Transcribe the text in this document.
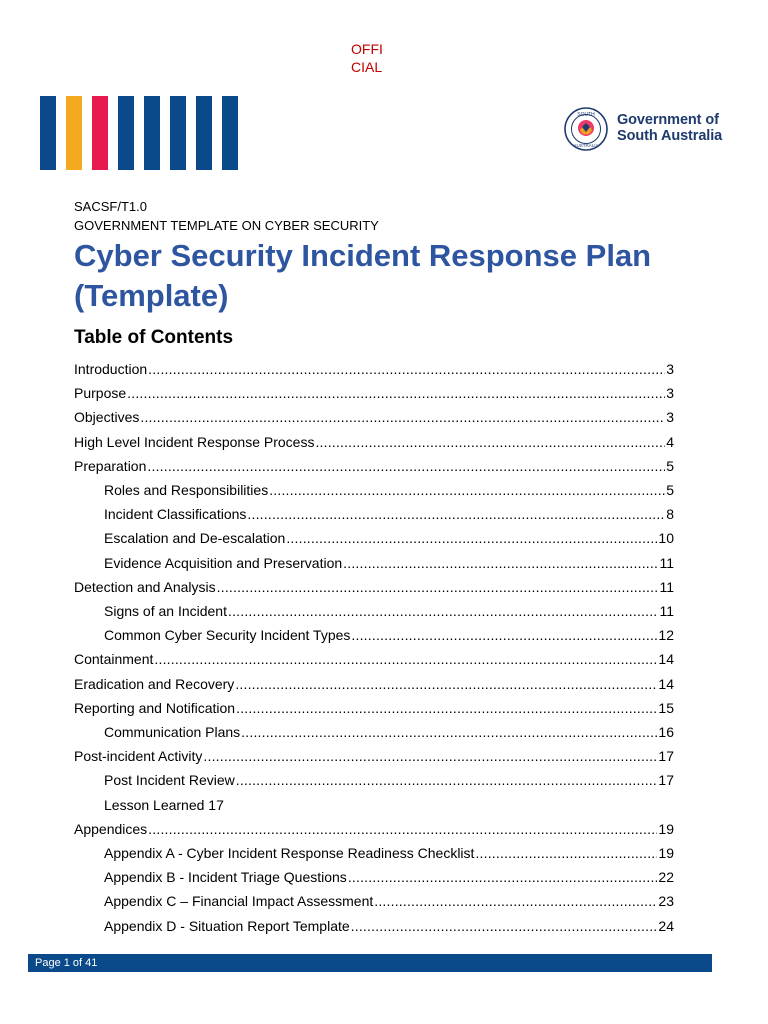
OFFI
CIAL
SOUTH
AUSTRALIA
Government of
South Australia
SACSF/T1.0
GOVERNMENT TEMPLATE ON CYBER SECURITY
Cyber Security Incident Response Plan (Template)
Table of Contents
Introduction .....	3
Purpose .....	3
Objectives .....	3
High Level Incident Response Process .....	4
Preparation .....	5
Roles and Responsibilities .....	5
Incident Classifications .....	8
Escalation and De-escalation .....	10
Evidence Acquisition and Preservation .....	11
Detection and Analysis .....	11
Signs of an Incident .....	11
Common Cyber Security Incident Types .....	12
Containment .....	14
Eradication and Recovery .....	14
Reporting and Notification .....	15
Communication Plans .....	16
Post-incident Activity .....	17
Post Incident Review .....	17
Lesson Learned 17
Appendices .....	19
Appendix A - Cyber Incident Response Readiness Checklist .....	19
Appendix B - Incident Triage Questions .....	22
Appendix C – Financial Impact Assessment .....	23
Appendix D - Situation Report Template .....	24
Page 1 of 41
